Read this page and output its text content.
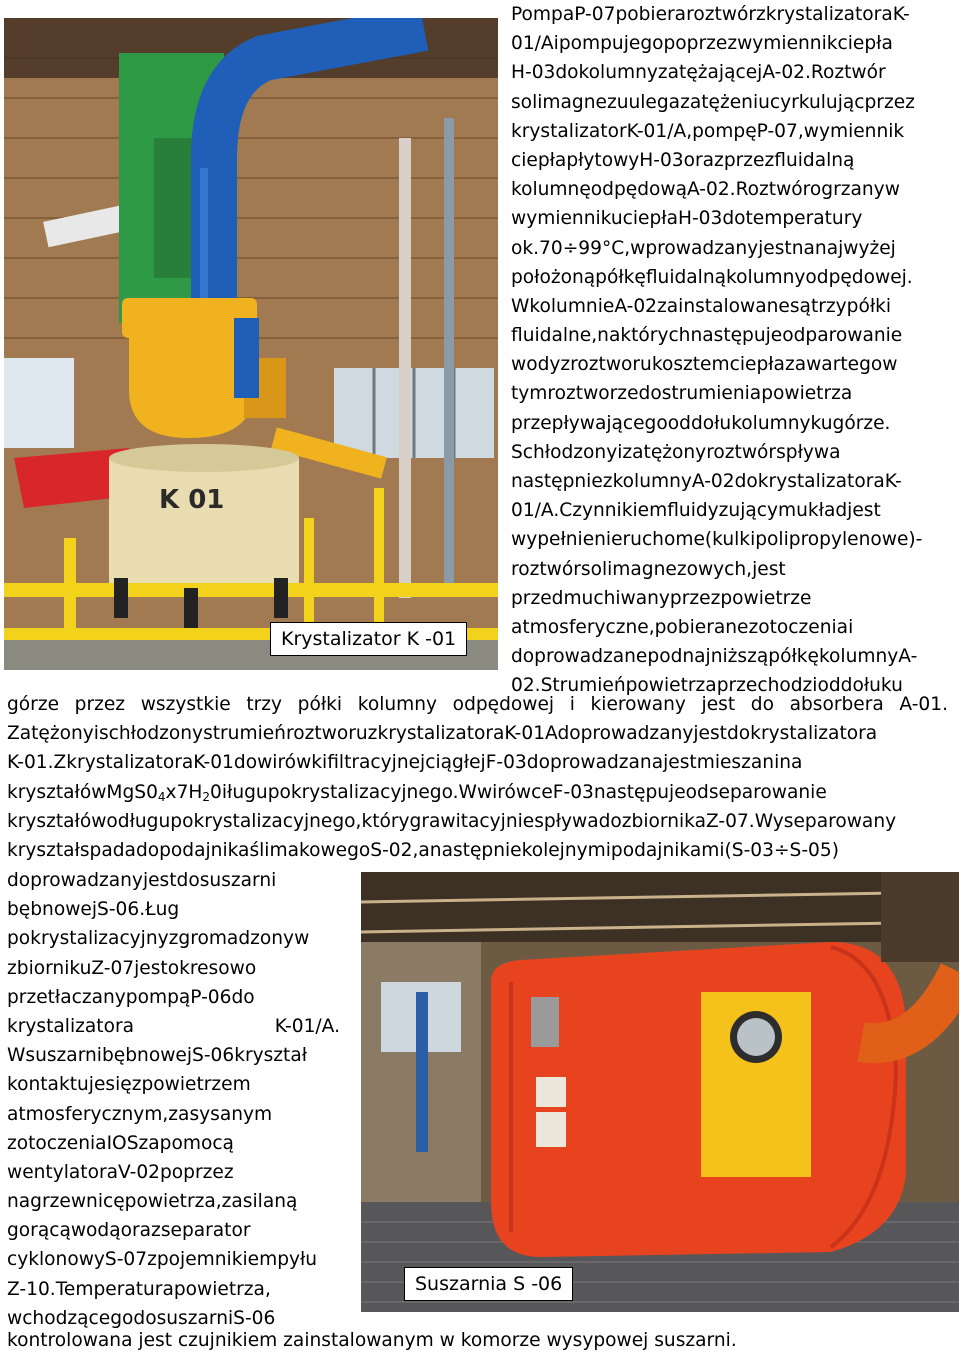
K 01
Krystalizator K -01
PompaP-07pobieraroztwórzkrystalizatoraK-
01/Aipompujegopoprzezwymiennikciepła
H-03dokolumnyzatężającejA-02.Roztwór
solimagnezuulegazatężeniucyrkulującprzez
krystalizatorK-01/A,pompęP-07,wymiennik
ciepłapłytowyH-03orazprzezfluidalną
kolumnęodpędowąA-02.Roztwórogrzanyw
wymiennikuciepłaH-03dotemperatury
ok.70÷99°C,wprowadzanyjestnanajwyżej
położonąpółkęfluidalnąkolumnyodpędowej.
WkolumnieA-02zainstalowanesątrzypółki
fluidalne,naktórychnastępujeodparowanie
wodyzroztworukosztemciepłazawartegow
tymroztworzedostrumieniapowietrza
przepływającegooddołukolumnykugórze.
Schłodzonyizatężonyroztwórspływa
następniezkolumnyA-02dokrystalizatoraK-
01/A.Czynnikiemfluidyzującymukładjest
wypełnienieruchome(kulkipolipropylenowe)-
roztwórsolimagnezowych,jest
przedmuchiwanyprzezpowietrze
atmosferyczne,pobieranezotoczeniai
doprowadzanepodnajniższąpółkękolumnyA-
02.Strumieńpowietrzaprzechodzioddołuku
górze przez wszystkie trzy półki kolumny odpędowej i kierowany jest do absorbera A-01.
ZatężonyischłodzonystrumieńroztworuzkrystalizatoraK-01Adoprowadzanyjestdokrystalizatora
K-01.ZkrystalizatoraK-01dowirówkifiltracyjnejciągłejF-03doprowadzanajestmieszanina
$kryształówMgS0_4x7H_20iługupokrystalizacyjnego.WwirówceF-03następujeodseparowanie$
kryształówodługupokrystalizacyjnego,którygrawitacyjniespływadozbiornikaZ-07.Wyseparowany
kryształspadadopodajnikaślimakowegoS-02,anastępniekolejnymipodajnikami(S-03÷S-05)
doprowadzanyjestdosuszarni
bębnowejS-06.Ług
pokrystalizacyjnyzgromadzonyw
zbiornikuZ-07jestokresowo
przetłaczanypompąP-06do
krystalizatora K-01/A.
WsuszarnibębnowejS-06kryształ
kontaktujesięzpowietrzem
atmosferycznym,zasysanym
zotoczeniaIOSzapomocą
wentylatoraV-02poprzez
nagrzewnicępowietrza,zasilaną
gorącąwodąorazseparator
cyklonowyS-07zpojemnikiempyłu
Z-10.Temperaturapowietrza,
wchodzącegodosuszarniS-06
Suszarnia S -06
kontrolowana jest czujnikiem zainstalowanym w komorze wysypowej suszarni.
